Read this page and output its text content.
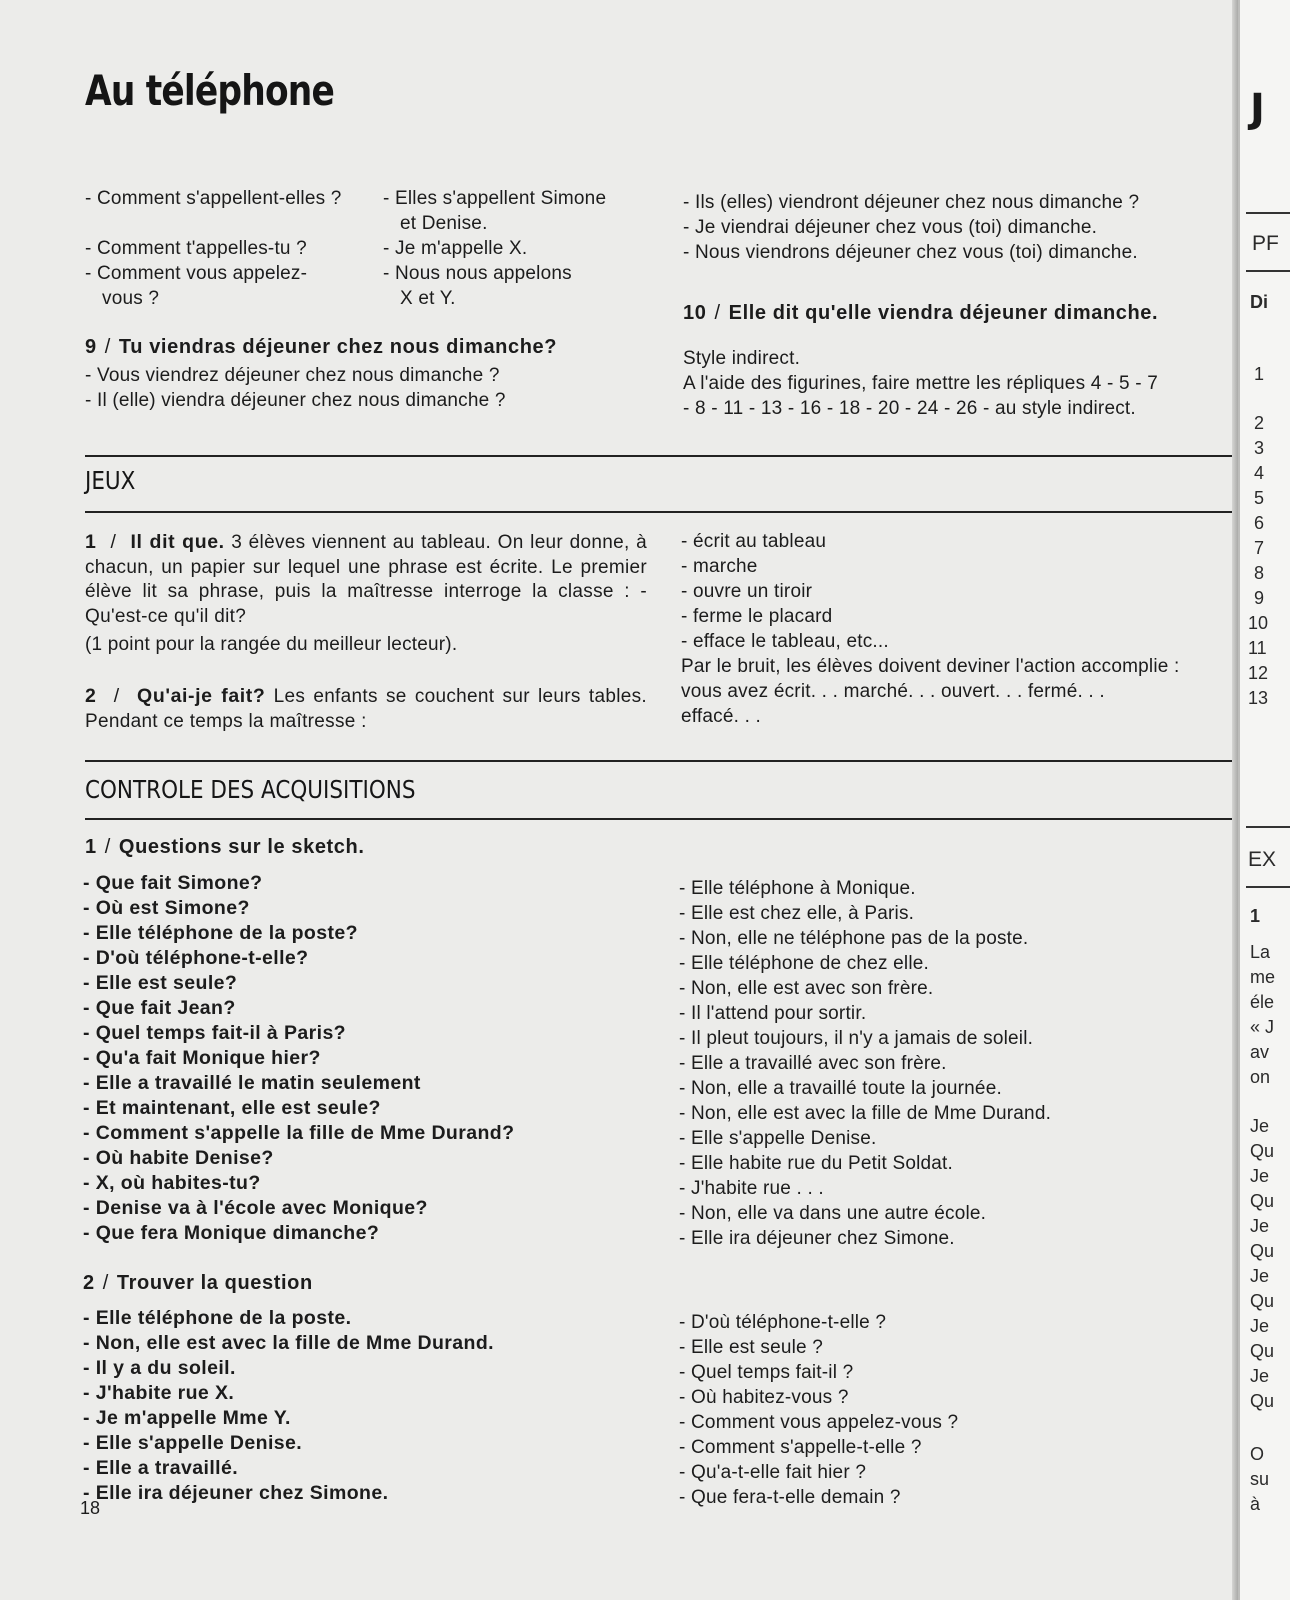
Au téléphone
- Comment s'appellent-elles ?
- Comment t'appelles-tu ?
- Comment vous appelez-
vous ?
- Elles s'appellent Simone
et Denise.
- Je m'appelle X.
- Nous nous appelons
X et Y.
9 / Tu viendras déjeuner chez nous dimanche?
- Vous viendrez déjeuner chez nous dimanche ?
- Il (elle) viendra déjeuner chez nous dimanche ?
- Ils (elles) viendront déjeuner chez nous dimanche ?
- Je viendrai déjeuner chez vous (toi) dimanche.
- Nous viendrons déjeuner chez vous (toi) dimanche.
10 / Elle dit qu'elle viendra déjeuner dimanche.
Style indirect.
A l'aide des figurines, faire mettre les répliques 4 - 5 - 7
- 8 - 11 - 13 - 16 - 18 - 20 - 24 - 26 - au style indirect.
JEUX
1 / Il dit que. 3 élèves viennent au tableau. On leur donne, à chacun, un papier sur lequel une phrase est écrite. Le premier élève lit sa phrase, puis la maîtresse interroge la classe : - Qu'est-ce qu'il dit?
(1 point pour la rangée du meilleur lecteur).
2 / Qu'ai-je fait? Les enfants se couchent sur leurs tables. Pendant ce temps la maîtresse :
- écrit au tableau
- marche
- ouvre un tiroir
- ferme le placard
- efface le tableau, etc...
Par le bruit, les élèves doivent deviner l'action accomplie :
vous avez écrit. . . marché. . . ouvert. . . fermé. . .
effacé. . .
CONTROLE DES ACQUISITIONS
1 / Questions sur le sketch.
- Que fait Simone?
- Où est Simone?
- Elle téléphone de la poste?
- D'où téléphone-t-elle?
- Elle est seule?
- Que fait Jean?
- Quel temps fait-il à Paris?
- Qu'a fait Monique hier?
- Elle a travaillé le matin seulement
- Et maintenant, elle est seule?
- Comment s'appelle la fille de Mme Durand?
- Où habite Denise?
- X, où habites-tu?
- Denise va à l'école avec Monique?
- Que fera Monique dimanche?
- Elle téléphone à Monique.
- Elle est chez elle, à Paris.
- Non, elle ne téléphone pas de la poste.
- Elle téléphone de chez elle.
- Non, elle est avec son frère.
- Il l'attend pour sortir.
- Il pleut toujours, il n'y a jamais de soleil.
- Elle a travaillé avec son frère.
- Non, elle a travaillé toute la journée.
- Non, elle est avec la fille de Mme Durand.
- Elle s'appelle Denise.
- Elle habite rue du Petit Soldat.
- J'habite rue . . .
- Non, elle va dans une autre école.
- Elle ira déjeuner chez Simone.
2 / Trouver la question
- Elle téléphone de la poste.
- Non, elle est avec la fille de Mme Durand.
- Il y a du soleil.
- J'habite rue X.
- Je m'appelle Mme Y.
- Elle s'appelle Denise.
- Elle a travaillé.
- Elle ira déjeuner chez Simone.
- D'où téléphone-t-elle ?
- Elle est seule ?
- Quel temps fait-il ?
- Où habitez-vous ?
- Comment vous appelez-vous ?
- Comment s'appelle-t-elle ?
- Qu'a-t-elle fait hier ?
- Que fera-t-elle demain ?
18
J
PF
Di
1
2
3
4
5
6
7
8
9
10
11
12
13
EX
1
La
me
éle
« J
av
on
Je
Qu
Je
Qu
Je
Qu
Je
Qu
Je
Qu
Je
Qu
O
su
à
